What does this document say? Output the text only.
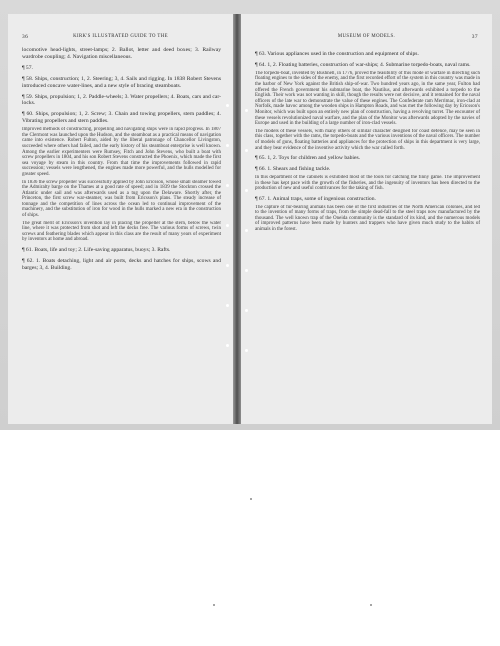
36	KIRK'S ILLUSTRATED GUIDE TO THE

locomotive head-lights, street-lamps; 2. Ballot, letter and deed boxes; 3. Railway wardrobe coupling; 4. Navigation miscellaneous.

¶ 57.

¶ 58. Ships, construction; 1, 2. Steering; 3, 4. Sails and rigging. In 1838 Robert Stevens introduced concave water-lines, and a new style of bracing steamboats.

¶ 59. Ships, propulsion; 1, 2. Paddle-wheels; 3. Water propellers; 4. Boats, cars and car-locks.

¶ 60. Ships, propulsion; 1, 2. Screw; 3. Chain and towing propellers, stern paddles; 4. Vibrating propellers and stern paddles.

Improved methods of constructing, propelling and navigating ships were in rapid progress. In 1807 the Clermont was launched upon the Hudson, and the steamboat as a practical means of navigation came into existence. Robert Fulton, aided by the liberal patronage of Chancellor Livingston, succeeded where others had failed, and the early history of his steamboat enterprise is well known. Among the earlier experimenters were Rumsey, Fitch and John Stevens, who built a boat with screw propellers in 1804, and his son Robert Stevens constructed the Phoenix, which made the first sea voyage by steam in this country. From that time the improvements followed in rapid succession; vessels were lengthened, the engines made more powerful, and the hulls modelled for greater speed.

In 1836 the screw propeller was successfully applied by John Ericsson, whose small steamer towed the Admiralty barge on the Thames at a good rate of speed; and in 1839 the Stockton crossed the Atlantic under sail and was afterwards used as a tug upon the Delaware. Shortly after, the Princeton, the first screw war-steamer, was built from Ericsson's plans. The steady increase of tonnage and the competition of lines across the ocean led to continual improvement of the machinery, and the substitution of iron for wood in the hulls marked a new era in the construction of ships.

The great merit of Ericsson's invention lay in placing the propeller at the stern, below the water line, where it was protected from shot and left the decks free. The various forms of screws, twin screws and feathering blades which appear in this class are the result of many years of experiment by inventors at home and abroad.

¶ 61. Boats, life and toy; 2. Life-saving apparatus, buoys; 3. Rafts.

¶ 62. 1. Boats detaching, light and air ports, decks and hatches for ships, scows and barges; 3, 4. Building.

MUSEUM OF MODELS.	37

¶ 63. Various appliances used in the construction and equipment of ships.

¶ 64. 1, 2. Floating batteries, construction of war-ships; 4. Submarine torpedo-boats, naval rams.

The torpedo-boat, invented by Bushnell, in 1776, proved the feasibility of this mode of warfare in directing such floating engines to the sides of the enemy, and the first recorded effort of the system in this country was made in the harbor of New York against the British ship-of-war. Two hundred years ago, in the same year, Fulton had offered the French government his submarine boat, the Nautilus, and afterwards exhibited a torpedo to the English. Their work was not wanting in skill, though the results were not decisive, and it remained for the naval officers of the late war to demonstrate the value of these engines. The Confederate ram Merrimac, iron-clad at Norfolk, made havoc among the wooden ships in Hampton Roads, and was met the following day by Ericsson's Monitor, which was built upon an entirely new plan of construction, having a revolving turret. The encounter of these vessels revolutionized naval warfare, and the plan of the Monitor was afterwards adopted by the navies of Europe and used in the building of a large number of iron-clad vessels.

The models of these vessels, with many others of similar character designed for coast defence, may be seen in this class, together with the rams, the torpedo-boats and the various inventions of the naval officers. The number of models of guns, floating batteries and appliances for the protection of ships in this department is very large, and they bear evidence of the inventive activity which the war called forth.

¶ 65. 1, 2. Toys for children and yellow babies.

¶ 66. 1. Shears and fishing tackle.

In this department of the cabinets is exhibited most of the tools for catching the finny game. The improvement in these has kept pace with the growth of the fisheries, and the ingenuity of inventors has been directed to the production of new and useful contrivances for the taking of fish.

¶ 67. 1. Animal traps, some of ingenious construction.

The capture of fur-bearing animals has been one of the first industries of the North American colonies, and led to the invention of many forms of traps, from the simple dead-fall to the steel traps now manufactured by the thousand. The well known trap of the Oneida community is the standard of its kind, and the numerous models of improved patterns have been made by hunters and trappers who have given much study to the habits of animals in the forest.
